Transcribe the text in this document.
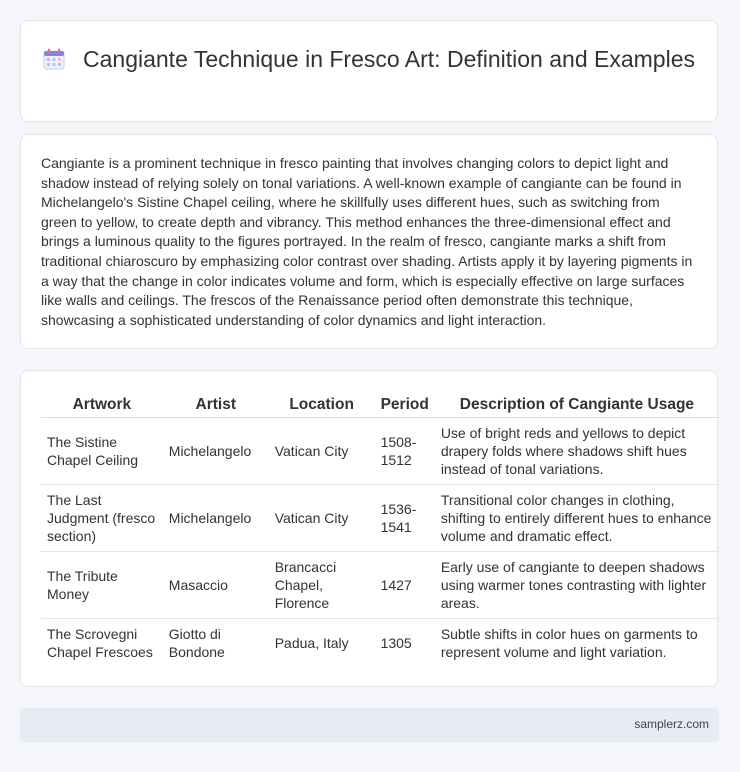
Cangiante Technique in Fresco Art: Definition and Examples

Cangiante is a prominent technique in fresco painting that involves changing colors to depict light and shadow instead of relying solely on tonal variations. A well-known example of cangiante can be found in Michelangelo's Sistine Chapel ceiling, where he skillfully uses different hues, such as switching from green to yellow, to create depth and vibrancy. This method enhances the three-dimensional effect and brings a luminous quality to the figures portrayed. In the realm of fresco, cangiante marks a shift from traditional chiaroscuro by emphasizing color contrast over shading. Artists apply it by layering pigments in a way that the change in color indicates volume and form, which is especially effective on large surfaces like walls and ceilings. The frescos of the Renaissance period often demonstrate this technique, showcasing a sophisticated understanding of color dynamics and light interaction.

Artwork	Artist	Location	Period	Description of Cangiante Usage
The Sistine Chapel Ceiling	Michelangelo	Vatican City	1508-1512	Use of bright reds and yellows to depict drapery folds where shadows shift hues instead of tonal variations.
The Last Judgment (fresco section)	Michelangelo	Vatican City	1536-1541	Transitional color changes in clothing, shifting to entirely different hues to enhance volume and dramatic effect.
The Tribute Money	Masaccio	Brancacci Chapel, Florence	1427	Early use of cangiante to deepen shadows using warmer tones contrasting with lighter areas.
The Scrovegni Chapel Frescoes	Giotto di Bondone	Padua, Italy	1305	Subtle shifts in color hues on garments to represent volume and light variation.
samplerz.com
